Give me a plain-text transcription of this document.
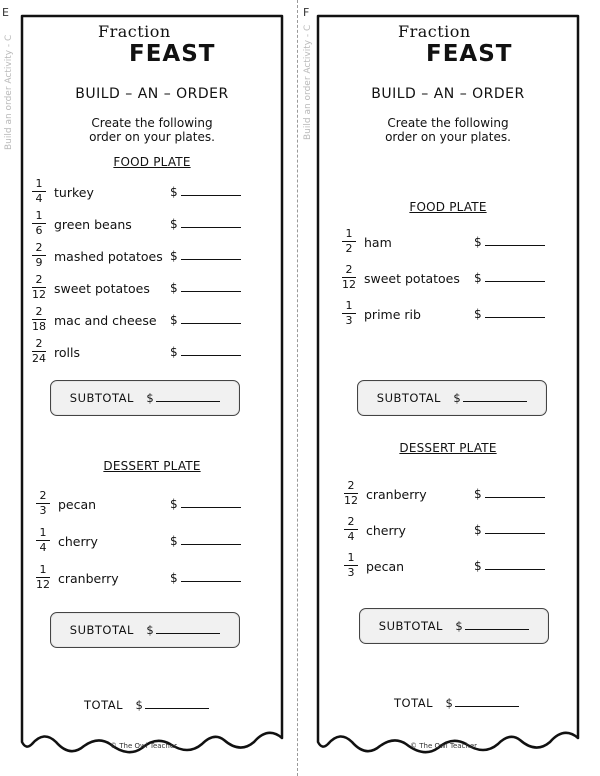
E	F
Build an order Activity - C	Build an order Activity - C
Fraction
FEAST
BUILD – AN – ORDER
Create the following
order on your plates.
FOOD PLATE
1
4 turkey	$
1
6 green beans	$
2
9 mashed potatoes $
2
12 sweet potatoes $
2
18 mac and cheese $
2
24 rolls	$
SUBTOTAL $
DESSERT PLATE
2
3 pecan	$
1
4 cherry	$
1
12 cranberry	$
SUBTOTAL $
TOTAL $
© The Owl Teacher
Fraction
FEAST
BUILD – AN – ORDER
Create the following
order on your plates.
FOOD PLATE
1
2 ham	$
2
12 sweet potatoes $
1
3 prime rib	$
SUBTOTAL $
DESSERT PLATE
2
12 cranberry	$
2
4 cherry	$
1
3 pecan	$
SUBTOTAL $
TOTAL $
© The Owl Teacher
